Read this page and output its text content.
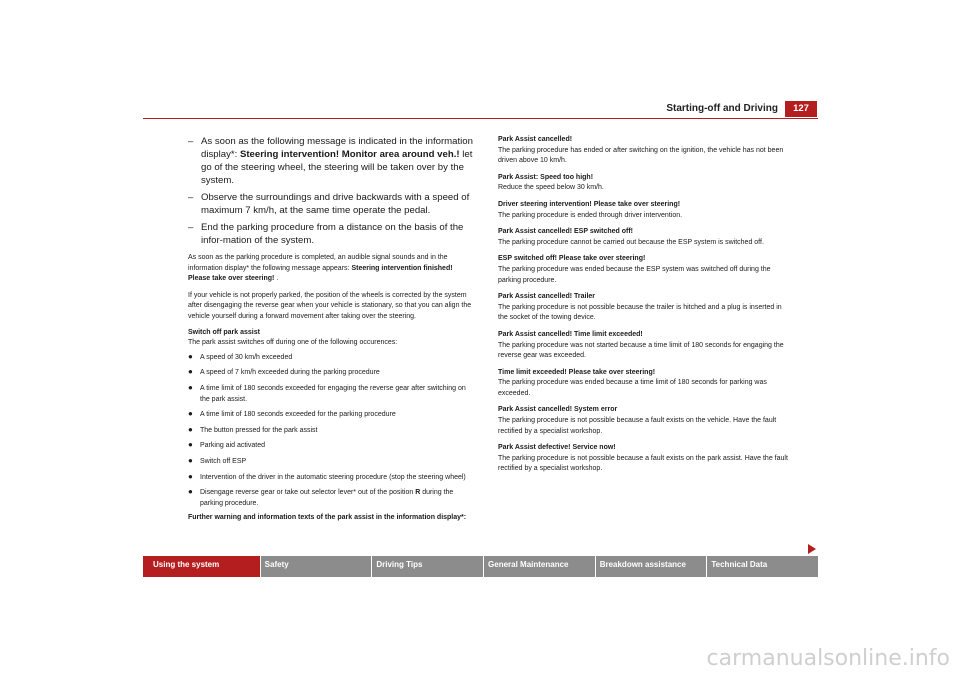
Starting-off and Driving	127
– As soon as the following message is indicated in the information display*: Steering intervention! Monitor area around veh.! let go of the steering wheel, the steering will be taken over by the system.
– Observe the surroundings and drive backwards with a speed of maximum 7 km/h, at the same time operate the pedal.
– End the parking procedure from a distance on the basis of the infor-mation of the system.

As soon as the parking procedure is completed, an audible signal sounds and in the information display* the following message appears: Steering intervention finished! Please take over steering! .

If your vehicle is not properly parked, the position of the wheels is corrected by the system after disengaging the reverse gear when your vehicle is stationary, so that you can align the vehicle yourself during a forward movement after taking over the steering.

Switch off park assist
The park assist switches off during one of the following occurences:

● A speed of 30 km/h exceeded
● A speed of 7 km/h exceeded during the parking procedure
● A time limit of 180 seconds exceeded for engaging the reverse gear after switching on the park assist.
● A time limit of 180 seconds exceeded for the parking procedure
● The button pressed for the park assist
● Parking aid activated
● Switch off ESP
● Intervention of the driver in the automatic steering procedure (stop the steering wheel)
● Disengage reverse gear or take out selector lever* out of the position R during the parking procedure.

Further warning and information texts of the park assist in the information display*:

Park Assist cancelled!
The parking procedure has ended or after switching on the ignition, the vehicle has not been driven above 10 km/h.
Park Assist: Speed too high!
Reduce the speed below 30 km/h.
Driver steering intervention! Please take over steering!
The parking procedure is ended through driver intervention.
Park Assist cancelled! ESP switched off!
The parking procedure cannot be carried out because the ESP system is switched off.
ESP switched off! Please take over steering!
The parking procedure was ended because the ESP system was switched off during the parking procedure.
Park Assist cancelled! Trailer
The parking procedure is not possible because the trailer is hitched and a plug is inserted in the socket of the towing device.
Park Assist cancelled! Time limit exceeded!
The parking procedure was not started because a time limit of 180 seconds for engaging the reverse gear was exceeded.
Time limit exceeded! Please take over steering!
The parking procedure was ended because a time limit of 180 seconds for parking was exceeded.
Park Assist cancelled! System error
The parking procedure is not possible because a fault exists on the vehicle. Have the fault rectified by a specialist workshop.
Park Assist defective! Service now!
The parking procedure is not possible because a fault exists on the park assist. Have the fault rectified by a specialist workshop.
Using the system	Safety	Driving Tips	General Maintenance	Breakdown assistance	Technical Data
carmanualsonline.info
